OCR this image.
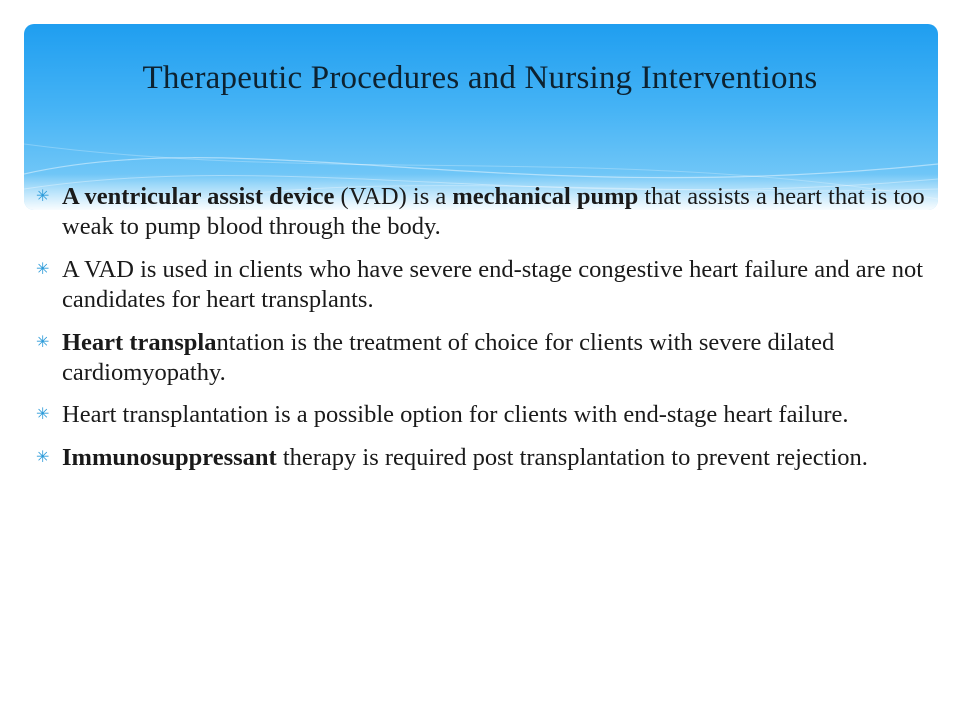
Therapeutic Procedures and Nursing Interventions
✳ A ventricular assist device (VAD) is a mechanical pump that assists a heart that is too weak to pump blood through the body.
✳ A VAD is used in clients who have severe end-stage congestive heart failure and are not candidates for heart transplants.
✳ Heart transplantation is the treatment of choice for clients with severe dilated cardiomyopathy.
✳ Heart transplantation is a possible option for clients with end-stage heart failure.
✳ Immunosuppressant therapy is required post transplantation to prevent rejection.
